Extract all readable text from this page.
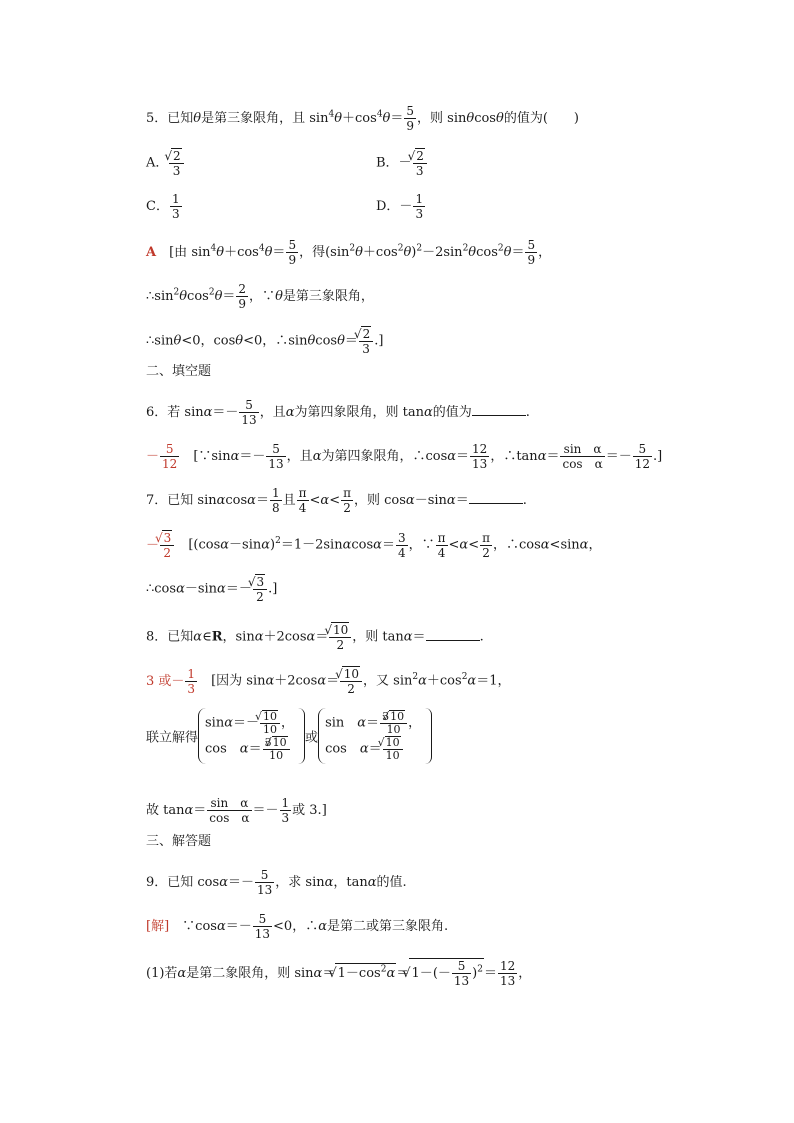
5．已知θ是第三象限角，且 $\sin^4\theta+\cos^4\theta= \frac{5}{9}$ ，则 sinθcosθ的值为(　　)
A．
√ $\frac{2}{3}$	B．－
√ $\frac{2}{3}$
C． $\frac{1}{3}$	D．－ $\frac{1}{3}$
A　 [由 $\sin^4\theta+\cos^4\theta= \frac{5}{9}$ ，得$(\sin^2\theta+\cos^2\theta)^2-2\sin^2\theta\cos^2\theta= \frac{5}{9}$ ，
$\therefore\sin^2\theta\cos^2\theta= \frac{2}{9}$ ，∵θ是第三象限角，
∴sinθ<0，cosθ<0，∴sinθcosθ＝
√ $\frac{2}{3}$ .]
二、填空题
6．若 $\sin\alpha=- \frac{5}{13}$ ，且α为第四象限角，则 tanα的值为	.
－ $\frac{5}{12}$
　 [∵sinα＝－ $\frac{5}{13}$ ，且α为第四象限角，∴cosα＝ $\frac{12}{13}$ ，∴tanα＝ $\frac{\text{sin　α}}{\text{cos　α}} =- \frac{5}{12}$ .]
7．已知 $\sin\alpha\cos\alpha= \frac{1}{8}$ 且 $\frac{\pi}{4} <\alpha< \frac{\pi}{2}$ ，则 cosα－sinα＝	.
－
√ $\frac{3}{2}$
　 [$(\cos\alpha-\sin\alpha)^2=1-2\sin\alpha\cos\alpha= \frac{3}{4}$ ，∵ $\frac{\pi}{4} <\alpha< \frac{\pi}{2}$ ，∴cosα<sinα，
∴cosα－sinα＝－
√ $\frac{3}{2}$ .]
8．已知α∈R，sinα＋2cosα＝
√ $\frac{10}{2}$ ，则 tanα＝	.
3 或－ $\frac{1}{3}$
　 [因为 sinα＋2cosα＝
√ $\frac{10}{2}$ ，又 $\sin^2\alpha+\cos^2\alpha=1$，
联立解得
sinα＝－
√ $\frac{10}{10}$ ，
cos　$\alpha= \frac{3√ 10}{10}$ 或
sin　$\alpha= \frac{3√ 10}{10}$ ，
cos　α＝
√ $\frac{10}{10}$
故 $\tan\alpha= \frac{\text{sin　α}}{\text{cos　α}} =- \frac{1}{3}$ 或 3.]
三、解答题
9．已知 $\cos\alpha=- \frac{5}{13}$ ，求 sinα，tanα的值.
[解]　 ∵cosα＝－ $\frac{5}{13} <0$，∴α是第二或第三象限角.
(1)若α是第二象限角，则 sinα＝√ $1-\cos^2\alpha=√$ $1-(- \frac{5}{13} )^2= \frac{12}{13}$ ，
